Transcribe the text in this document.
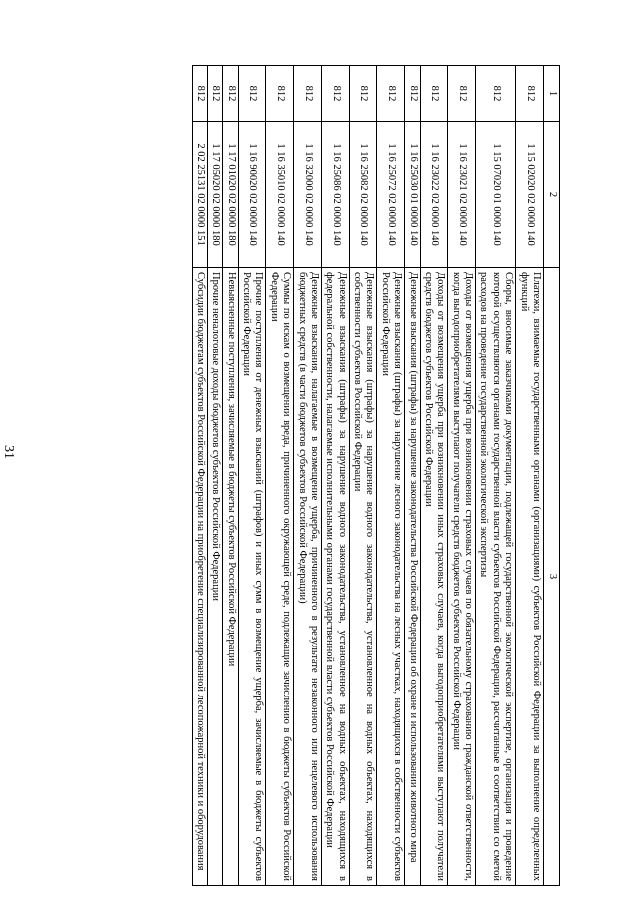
31
1	2	3
812	1 15 02020 02 0000 140	Платежи, взимаемые государственными органами (организациями) субъектов Российской Федерации за выполнение определенных функций
812	1 15 07020 01 0000 140	Сборы, вносимые заказчиками документации, подлежащей государственной экологической экспертизе, организация и проведение которой осуществляются органами государственной власти субъектов Российской Федерации, рассчитанные в соответствии со сметой расходов на проведение государственной экологической экспертизы
812	1 16 23021 02 0000 140	Доходы от возмещения ущерба при возникновении страховых случаев по обязательному страхованию гражданской ответственности, когда выгодоприобретателями выступают получатели средств бюджетов субъектов Российской Федерации
812	1 16 23022 02 0000 140	Доходы от возмещения ущерба при возникновении иных страховых случаев, когда выгодоприобретателями выступают получатели средств бюджетов субъектов Российской Федерации
812	1 16 25030 01 0000 140	Денежные взыскания (штрафы) за нарушение законодательства Российской Федерации об охране и использовании животного мира
812	1 16 25072 02 0000 140	Денежные взыскания (штрафы) за нарушение лесного законодательства на лесных участках, находящихся в собственности субъектов Российской Федерации
812	1 16 25082 02 0000 140	Денежные взыскания (штрафы) за нарушение водного законодательства, установленное на водных объектах, находящихся в собственности субъектов Российской Федерации
812	1 16 25086 02 0000 140	Денежные взыскания (штрафы) за нарушение водного законодательства, установленное на водных объектах, находящихся в федеральной собственности, налагаемые исполнительными органами государственной власти субъектов Российской Федерации
812	1 16 32000 02 0000 140	Денежные взыскания, налагаемые в возмещение ущерба, причиненного в результате незаконного или нецелевого использования бюджетных средств (в части бюджетов субъектов Российской Федерации)
812	1 16 35010 02 0000 140	Суммы по искам о возмещении вреда, причиненного окружающей среде, подлежащие зачислению в бюджеты субъектов Российской Федерации
812	1 16 90020 02 0000 140	Прочие поступления от денежных взысканий (штрафов) и иных сумм в возмещение ущерба, зачисляемые в бюджеты субъектов Российской Федерации
812	1 17 01020 02 0000 180	Невыясненные поступления, зачисляемые в бюджеты субъектов Российской Федерации
812	1 17 05020 02 0000 180	Прочие неналоговые доходы бюджетов субъектов Российской Федерации
812	2 02 25131 02 0000 151	Субсидии бюджетам субъектов Российской Федерации на приобретение специализированной лесопожарной техники и оборудования
